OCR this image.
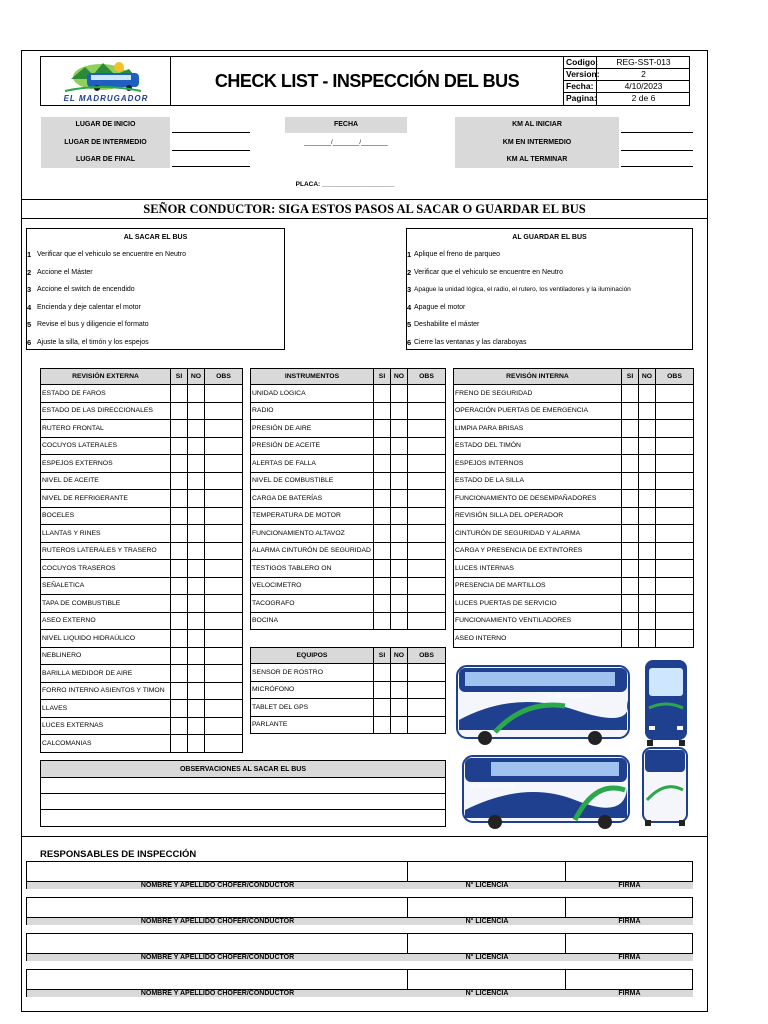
EL MADRUGADOR
CHECK LIST - INSPECCIÓN DEL BUS
Codigo:	REG-SST-013
Version:	2
Fecha:	4/10/2023
Pagina:	2 de 6
LUGAR DE INICIO
LUGAR DE INTERMEDIO
LUGAR DE FINAL
FECHA
________/________/________
KM AL INICIAR
KM EN INTERMEDIO
KM AL TERMINAR
PLACA: ____________________
SEÑOR CONDUCTOR: SIGA ESTOS PASOS AL SACAR O GUARDAR EL BUS
AL SACAR EL BUS
1 Verificar que el vehiculo se encuentre en Neutro
2 Accione el Máster
3 Accione el switch de encendido
4 Encienda y deje calentar el motor
5 Revise el bus y diligencie el formato
6 Ajuste la silla, el timón y los espejos
AL GUARDAR EL BUS
1 Aplique el freno de parqueo
2 Verificar que el vehiculo se encuentre en Neutro
3 Apague la unidad lógica, el radio, el rutero, los ventiladores y la iluminación
4 Apague el motor
5 Deshabilite el máster
6 Cierre las ventanas y las claraboyas
REVISIÓN EXTERNA	SI	NO	OBS
ESTADO DE FAROS			
ESTADO DE LAS DIRECCIONALES			
RUTERO FRONTAL			
COCUYOS LATERALES			
ESPEJOS EXTERNOS			
NIVEL DE ACEITE			
NIVEL DE REFRIGERANTE			
BOCELES			
LLANTAS Y RINES			
RUTEROS LATERALES Y TRASERO			
COCUYOS TRASEROS			
SEÑALETICA			
TAPA DE COMBUSTIBLE			
ASEO EXTERNO			
NIVEL LIQUIDO HIDRAÚLICO			
NEBLINERO			
BARILLA MEDIDOR DE AIRE			
FORRO INTERNO ASIENTOS Y TIMON			
LLAVES			
LUCES EXTERNAS			
CALCOMANIAS			
INSTRUMENTOS	SI	NO	OBS
UNIDAD LOGICA			
RADIO			
PRESIÓN DE AIRE			
PRESIÓN DE ACEITE			
ALERTAS DE FALLA			
NIVEL DE COMBUSTIBLE			
CARGA DE BATERÍAS			
TEMPERATURA DE MOTOR			
FUNCIONAMIENTO ALTAVOZ			
ALARMA CINTURÓN DE SEGURIDAD			
TESTIGOS TABLERO ON			
VELOCIMETRO			
TACOGRAFO			
BOCINA			
EQUIPOS	SI	NO	OBS
SENSOR DE ROSTRO			
MICRÓFONO			
TABLET DEL GPS			
PARLANTE			
REVISÓN INTERNA	SI	NO	OBS
FRENO DE SEGURIDAD			
OPERACIÓN PUERTAS DE EMERGENCIA			
LIMPIA PARA BRISAS			
ESTADO DEL TIMÓN			
ESPEJOS INTERNOS			
ESTADO DE LA SILLA			
FUNCIONAMIENTO DE DESEMPAÑADORES			
REVISIÓN SILLA DEL OPERADOR			
CINTURÓN DE SEGURIDAD Y ALARMA			
CARGA Y PRESENCIA DE EXTINTORES			
LUCES INTERNAS			
PRESENCIA DE MARTILLOS			
LUCES PUERTAS DE SERVICIO			
FUNCIONAMIENTO VENTILADORES			
ASEO INTERNO			
OBSERVACIONES AL SACAR EL BUS
EL MADRUGADOR
EL MADRUGADOR
RESPONSABLES DE INSPECCIÓN
NOMBRE Y APELLIDO CHOFER/CONDUCTOR	N° LICENCIA	FIRMA
NOMBRE Y APELLIDO CHOFER/CONDUCTOR	N° LICENCIA	FIRMA
NOMBRE Y APELLIDO CHOFER/CONDUCTOR	N° LICENCIA	FIRMA
NOMBRE Y APELLIDO CHOFER/CONDUCTOR	N° LICENCIA	FIRMA
